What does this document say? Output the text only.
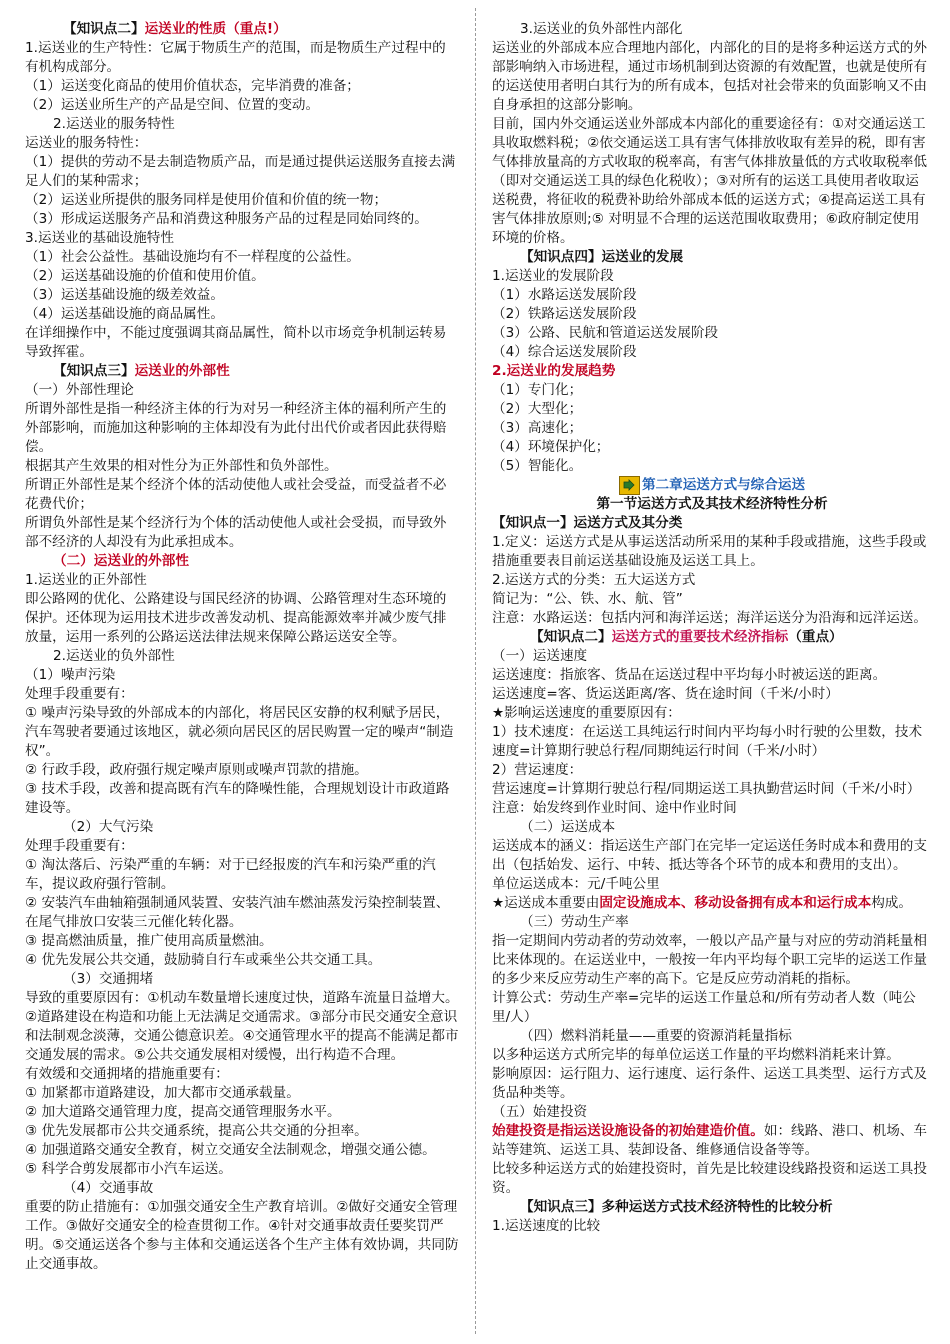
【知识点二】运送业的性质（重点!）

1.运送业的生产特性：它属于物质生产的范围，而是物质生产过程中的有机构成部分。

（1）运送变化商品的使用价值状态，完毕消费的准备；

（2）运送业所生产的产品是空间、位置的变动。

2.运送业的服务特性

运送业的服务特性：

（1）提供的劳动不是去制造物质产品，而是通过提供运送服务直接去满足人们的某种需求；

（2）运送业所提供的服务同样是使用价值和价值的统一物；

（3）形成运送服务产品和消费这种服务产品的过程是同始同终的。

3.运送业的基础设施特性

（1）社会公益性。基础设施均有不一样程度的公益性。

（2）运送基础设施的价值和使用价值。

（3）运送基础设施的级差效益。

（4）运送基础设施的商品属性。

在详细操作中，不能过度强调其商品属性，简朴以市场竞争机制运转易导致挥霍。

【知识点三】运送业的外部性

（一）外部性理论

所谓外部性是指一种经济主体的行为对另一种经济主体的福利所产生的外部影响，而施加这种影响的主体却没有为此付出代价或者因此获得赔偿。

根据其产生效果的相对性分为正外部性和负外部性。

所谓正外部性是某个经济个体的活动使他人或社会受益，而受益者不必花费代价；

所谓负外部性是某个经济行为个体的活动使他人或社会受损，而导致外部不经济的人却没有为此承担成本。

（二）运送业的外部性

1.运送业的正外部性

即公路网的优化、公路建设与国民经济的协调、公路管理对生态环境的保护。还体现为运用技术进步改善发动机、提高能源效率并减少废气排放量，运用一系列的公路运送法律法规来保障公路运送安全等。

2.运送业的负外部性

（1）噪声污染

处理手段重要有：

① 噪声污染导致的外部成本的内部化，将居民区安静的权利赋予居民，汽车驾驶者要通过该地区，就必须向居民区的居民购置一定的噪声“制造权”。

② 行政手段，政府强行规定噪声原则或噪声罚款的措施。

③ 技术手段，改善和提高既有汽车的降噪性能，合理规划设计市政道路建设等。

（2）大气污染

处理手段重要有：

① 淘汰落后、污染严重的车辆：对于已经报废的汽车和污染严重的汽车，提议政府强行管制。

② 安装汽车曲轴箱强制通风装置、安装汽油车燃油蒸发污染控制装置、在尾气排放口安装三元催化转化器。

③ 提高燃油质量，推广使用高质量燃油。

④ 优先发展公共交通，鼓励骑自行车或乘坐公共交通工具。

（3）交通拥堵

导致的重要原因有：①机动车数量增长速度过快，道路车流量日益增大。②道路建设在构造和功能上无法满足交通需求。③部分市民交通安全意识和法制观念淡薄，交通公德意识差。④交通管理水平的提高不能满足都市交通发展的需求。⑤公共交通发展相对缓慢，出行构造不合理。

有效缓和交通拥堵的措施重要有：

① 加紧都市道路建设，加大都市交通承载量。

② 加大道路交通管理力度，提高交通管理服务水平。

③ 优先发展都市公共交通系统，提高公共交通的分担率。

④ 加强道路交通安全教育，树立交通安全法制观念，增强交通公德。

⑤ 科学合剪发展都市小汽车运送。

（4）交通事故

重要的防止措施有：①加强交通安全生产教育培训。②做好交通安全管理工作。③做好交通安全的检查贯彻工作。④针对交通事故责任要奖罚严明。⑤交通运送各个参与主体和交通运送各个生产主体有效协调，共同防止交通事故。

3.运送业的负外部性内部化

运送业的外部成本应合理地内部化，内部化的目的是将多种运送方式的外部影响纳入市场进程，通过市场机制到达资源的有效配置，也就是使所有的运送使用者明白其行为的所有成本，包括对社会带来的负面影响又不由自身承担的这部分影响。

目前，国内外交通运送业外部成本内部化的重要途径有：①对交通运送工具收取燃料税；②依交通运送工具有害气体排放收取有差异的税，即有害气体排放量高的方式收取的税率高，有害气体排放量低的方式收取税率低（即对交通运送工具的绿色化税收）；③对所有的运送工具使用者收取运送税费，将征收的税费补助给外部成本低的运送方式；④提高运送工具有害气体排放原则;⑤ 对明显不合理的运送范围收取费用；⑥政府制定使用环境的价格。

【知识点四】运送业的发展

1.运送业的发展阶段

（1）水路运送发展阶段

（2）铁路运送发展阶段

（3）公路、民航和管道运送发展阶段

（4）综合运送发展阶段

2.运送业的发展趋势

（1）专门化；

（2）大型化；

（3）高速化；

（4）环境保护化；

（5）智能化。

第二章运送方式与综合运送

第一节运送方式及其技术经济特性分析

【知识点一】运送方式及其分类

1.定义：运送方式是从事运送活动所采用的某种手段或措施，这些手段或措施重要表目前运送基础设施及运送工具上。

2.运送方式的分类：五大运送方式

简记为：“公、铁、水、航、管”

注意：水路运送：包括内河和海洋运送；海洋运送分为沿海和远洋运送。

【知识点二】运送方式的重要技术经济指标（重点）

（一）运送速度

运送速度：指旅客、货品在运送过程中平均每小时被运送的距离。

运送速度=客、货运送距离/客、货在途时间（千米/小时）

★影响运送速度的重要原因有：

1）技术速度：在运送工具纯运行时间内平均每小时行驶的公里数，技术速度=计算期行驶总行程/同期纯运行时间（千米/小时）

2）营运速度：

营运速度=计算期行驶总行程/同期运送工具执勤营运时间（千米/小时）

注意：始发终到作业时间、途中作业时间

（二）运送成本

运送成本的涵义：指运送生产部门在完毕一定运送任务时成本和费用的支出（包括始发、运行、中转、抵达等各个环节的成本和费用的支出）。

单位运送成本：元/千吨公里

★运送成本重要由固定设施成本、移动设备拥有成本和运行成本构成。

（三）劳动生产率

指一定期间内劳动者的劳动效率，一般以产品产量与对应的劳动消耗量相比来体现的。在运送业中，一般按一年内平均每个职工完毕的运送工作量的多少来反应劳动生产率的高下。它是反应劳动消耗的指标。

计算公式：劳动生产率=完毕的运送工作量总和/所有劳动者人数（吨公里/人）

（四）燃料消耗量——重要的资源消耗量指标

以多种运送方式所完毕的每单位运送工作量的平均燃料消耗来计算。

影响原因：运行阻力、运行速度、运行条件、运送工具类型、运行方式及货品种类等。

（五）始建投资

始建投资是指运送设施设备的初始建造价值。如：线路、港口、机场、车站等建筑、运送工具、装卸设备、维修通信设备等等。

比较多种运送方式的始建投资时，首先是比较建设线路投资和运送工具投资。

【知识点三】多种运送方式技术经济特性的比较分析

1.运送速度的比较
